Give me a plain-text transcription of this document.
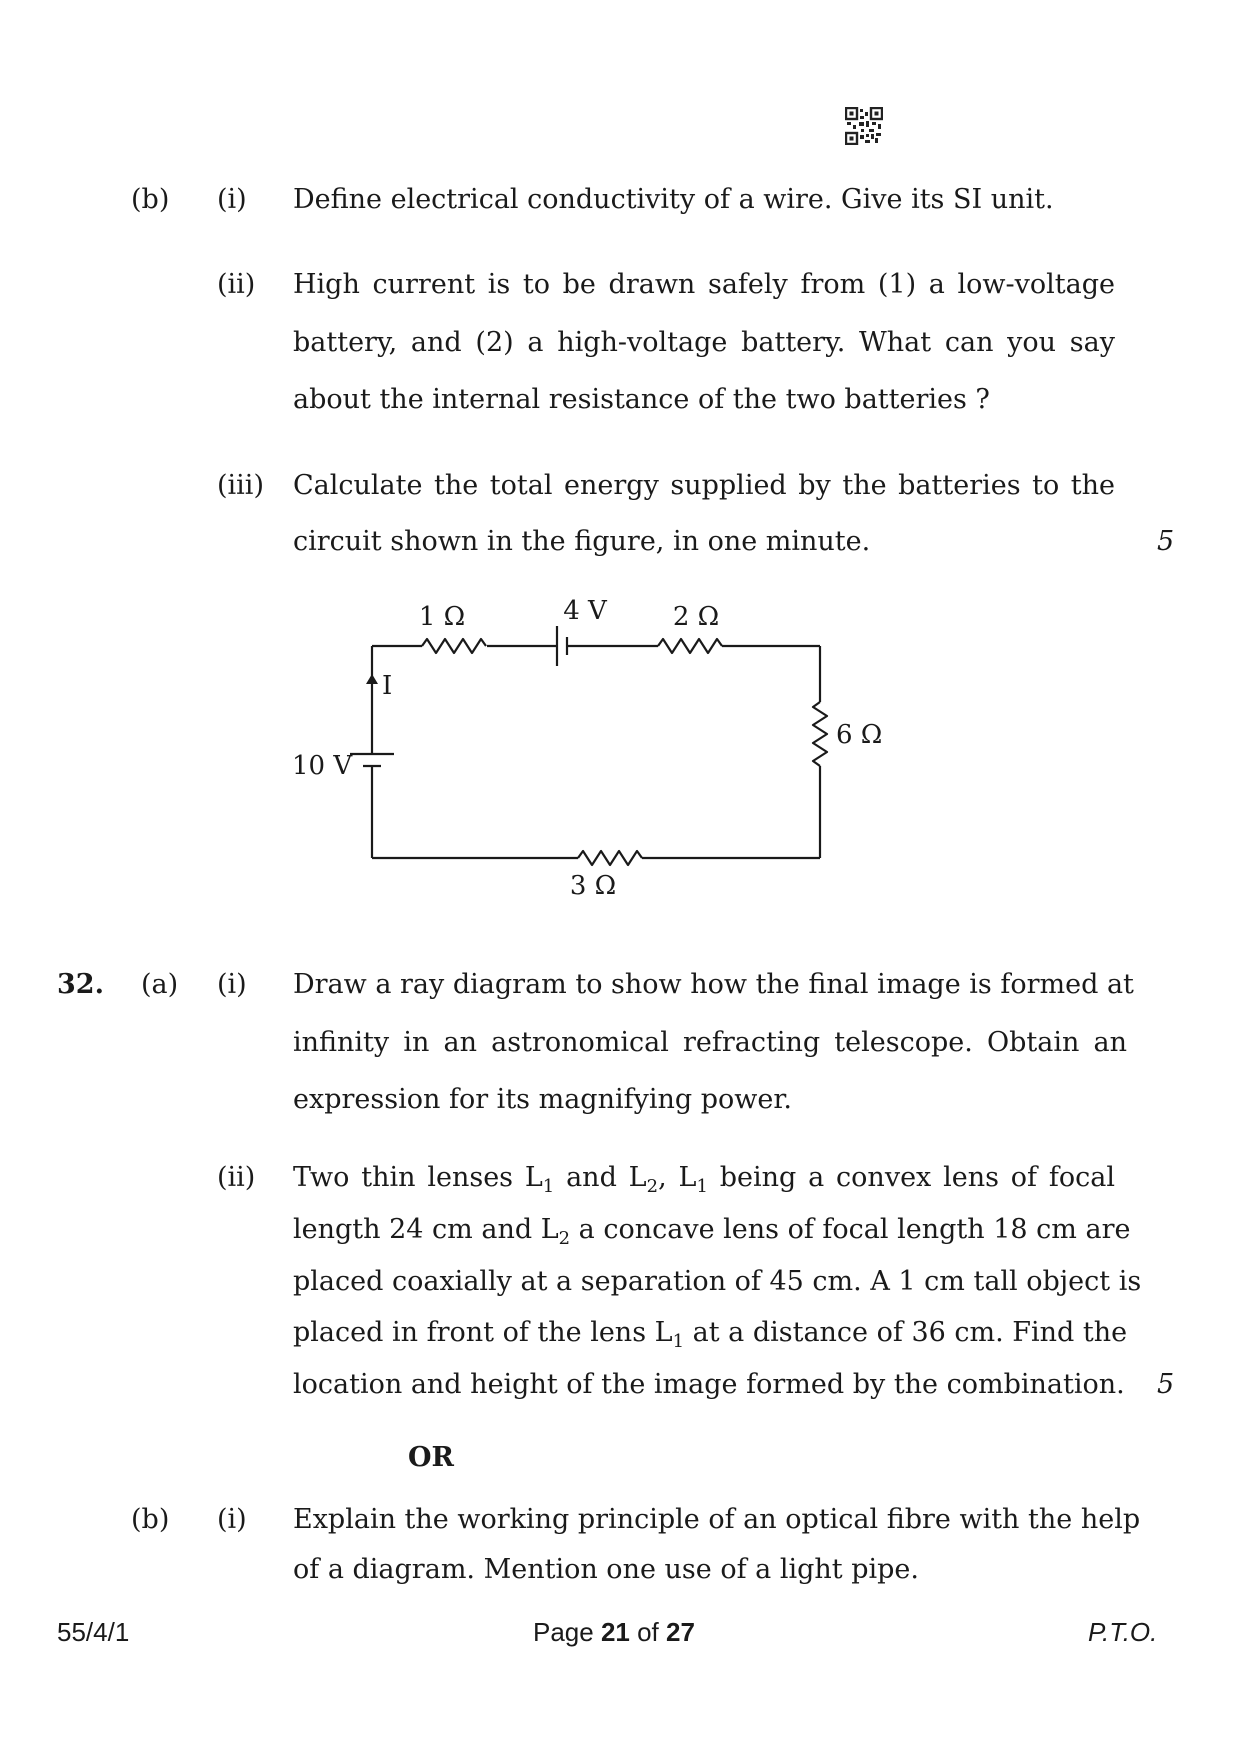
(b) (i) Define electrical conductivity of a wire. Give its SI unit.
(ii) High current is to be drawn safely from (1) a low-voltage
battery, and (2) a high-voltage battery. What can you say
about the internal resistance of the two batteries ?
(iii) Calculate the total energy supplied by the batteries to the
circuit shown in the figure, in one minute.	5
1 Ω	4 V	2 Ω
I
6 Ω
10 V
3 Ω
32. (a) (i) Draw a ray diagram to show how the final image is formed at
infinity in an astronomical refracting telescope. Obtain an
expression for its magnifying power.
(ii) Two thin lenses $L_1$ and $L_2$, $L_1$ being a convex lens of focal
length 24 cm and $L_2$ a concave lens of focal length 18 cm are
placed coaxially at a separation of 45 cm. A 1 cm tall object is
placed in front of the lens $L_1$ at a distance of 36 cm. Find the
location and height of the image formed by the combination. 5
OR
(b) (i) Explain the working principle of an optical fibre with the help
of a diagram. Mention one use of a light pipe.
55/4/1	Page 21 of 27	P.T.O.
